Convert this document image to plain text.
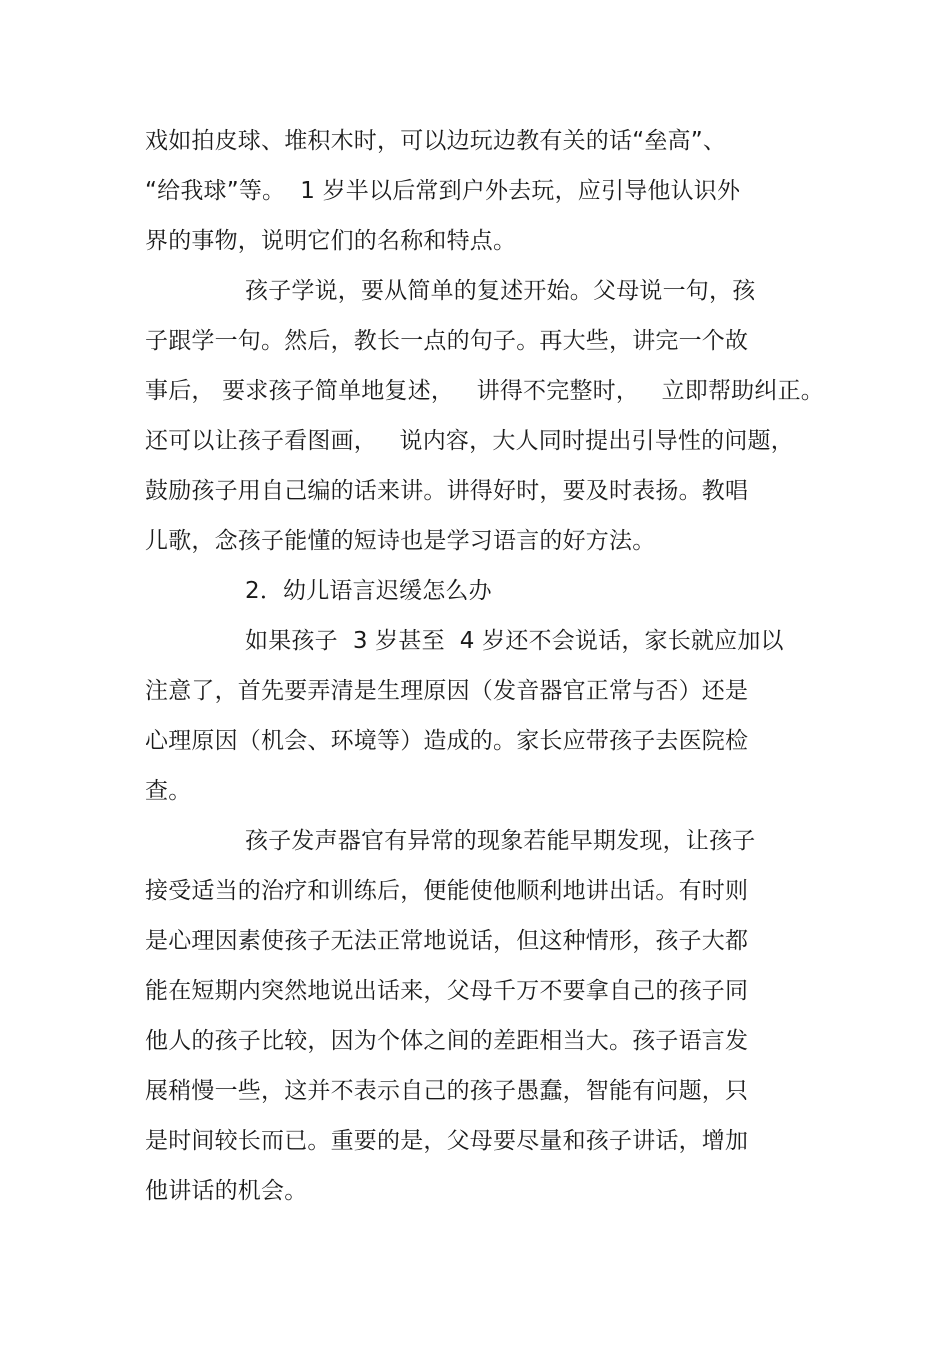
戏如拍皮球、堆积木时，可以边玩边教有关的话“垒高”、
“给我球”等。  1 岁半以后常到户外去玩，应引导他认识外
界的事物，说明它们的名称和特点。
孩子学说，要从简单的复述开始。父母说一句，孩
子跟学一句。然后，教长一点的句子。再大些，讲完一个故
事后， 要求孩子简单地复述，   讲得不完整时，   立即帮助纠正。
还可以让孩子看图画，   说内容，大人同时提出引导性的问题，
鼓励孩子用自己编的话来讲。讲得好时，要及时表扬。教唱
儿歌，念孩子能懂的短诗也是学习语言的好方法。
2．幼儿语言迟缓怎么办
如果孩子  3 岁甚至  4 岁还不会说话，家长就应加以
注意了，首先要弄清是生理原因（发音器官正常与否）还是
心理原因（机会、环境等）造成的。家长应带孩子去医院检
查。
孩子发声器官有异常的现象若能早期发现，让孩子
接受适当的治疗和训练后，便能使他顺利地讲出话。有时则
是心理因素使孩子无法正常地说话，但这种情形，孩子大都
能在短期内突然地说出话来，父母千万不要拿自己的孩子同
他人的孩子比较，因为个体之间的差距相当大。孩子语言发
展稍慢一些，这并不表示自己的孩子愚蠢，智能有问题，只
是时间较长而已。重要的是，父母要尽量和孩子讲话，增加
他讲话的机会。
